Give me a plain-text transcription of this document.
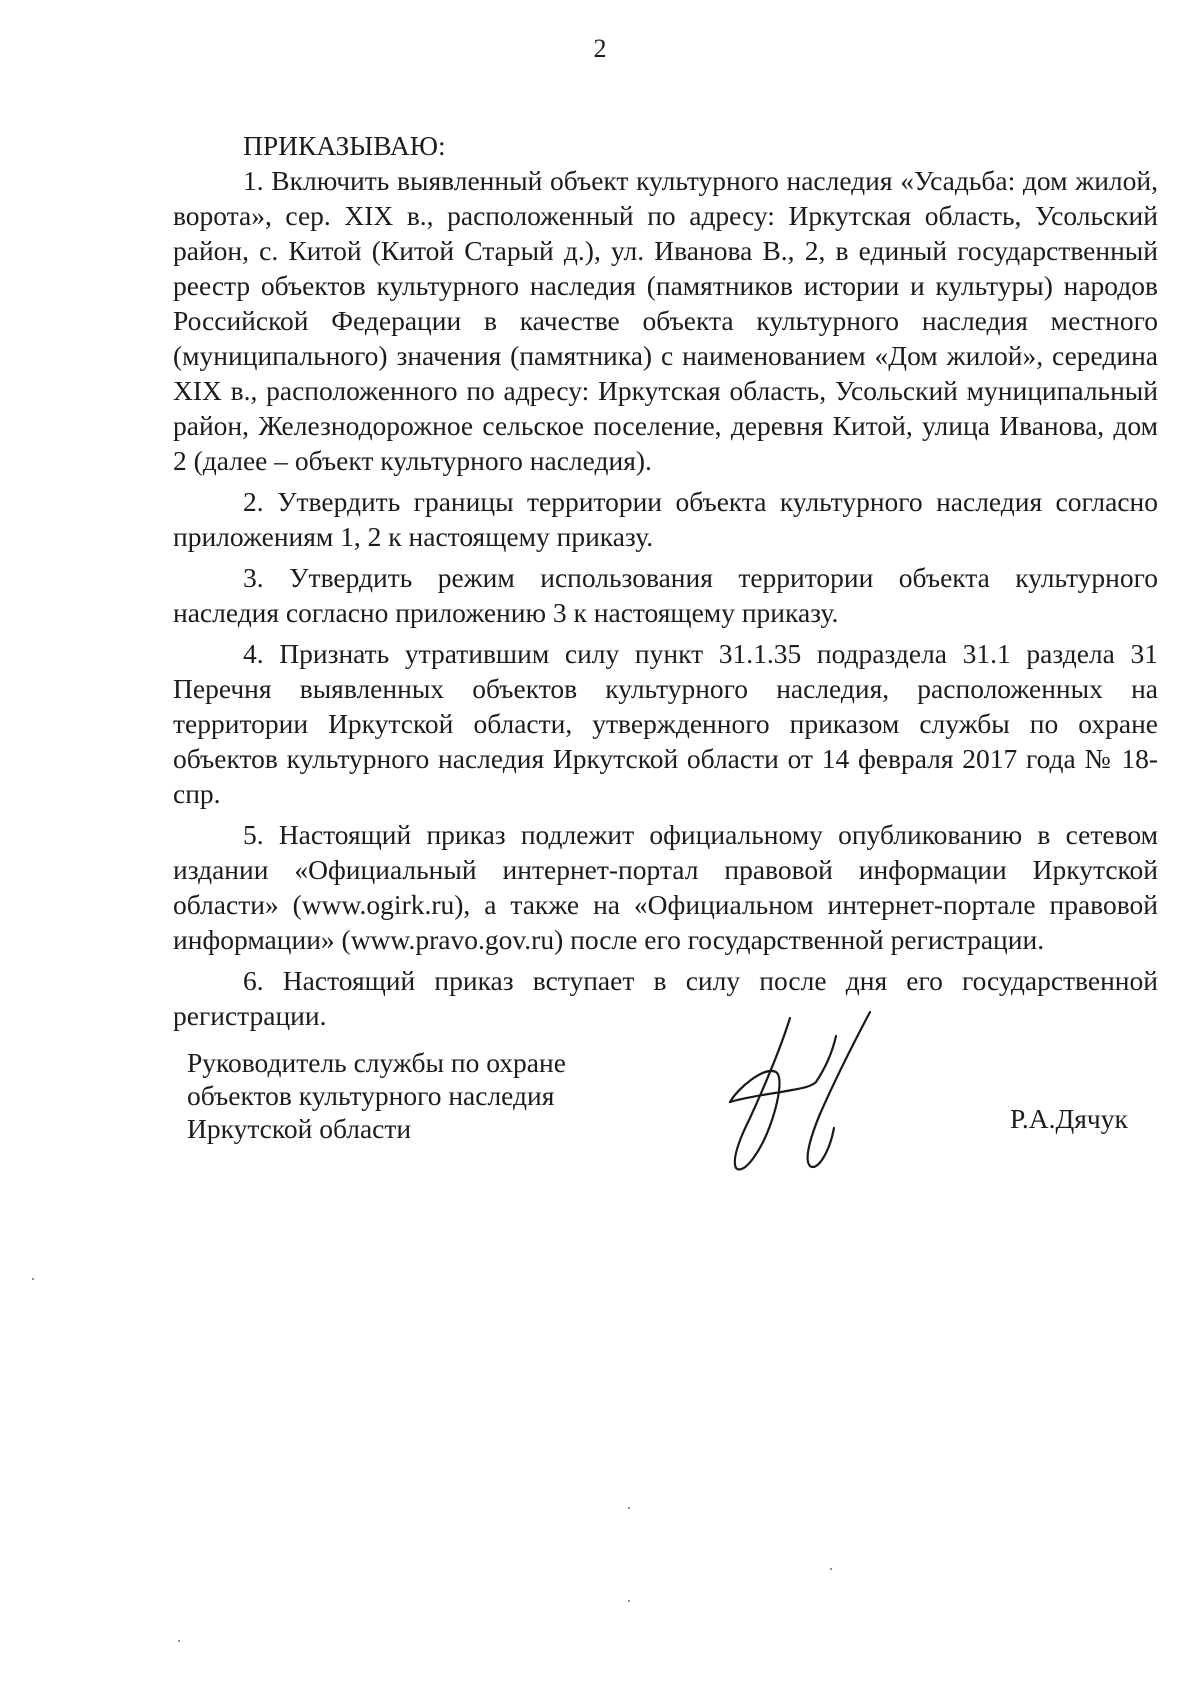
2

ПРИКАЗЫВАЮ:

1. Включить выявленный объект культурного наследия «Усадьба: дом жилой, ворота», сер. XIX в., расположенный по адресу: Иркутская область, Усольский район, с. Китой (Китой Старый д.), ул. Иванова В., 2, в единый государственный реестр объектов культурного наследия (памятников истории и культуры) народов Российской Федерации в качестве объекта культурного наследия местного (муниципального) значения (памятника) с наименованием «Дом жилой», середина XIX в., расположенного по адресу: Иркутская область, Усольский муниципальный район, Железнодорожное сельское поселение, деревня Китой, улица Иванова, дом 2 (далее – объект культурного наследия).

2. Утвердить границы территории объекта культурного наследия согласно приложениям 1, 2 к настоящему приказу.

3. Утвердить режим использования территории объекта культурного наследия согласно приложению 3 к настоящему приказу.

4. Признать утратившим силу пункт 31.1.35 подраздела 31.1 раздела 31 Перечня выявленных объектов культурного наследия, расположенных на территории Иркутской области, утвержденного приказом службы по охране объектов культурного наследия Иркутской области от 14 февраля 2017 года № 18-спр.

5. Настоящий приказ подлежит официальному опубликованию в сетевом издании «Официальный интернет-портал правовой информации Иркутской области» (www.ogirk.ru), а также на «Официальном интернет-портале правовой информации» (www.pravo.gov.ru) после его государственной регистрации.

6. Настоящий приказ вступает в силу после дня его государственной регистрации.

Руководитель службы по охране
объектов культурного наследия
Иркутской области	Р.А.Дячук
